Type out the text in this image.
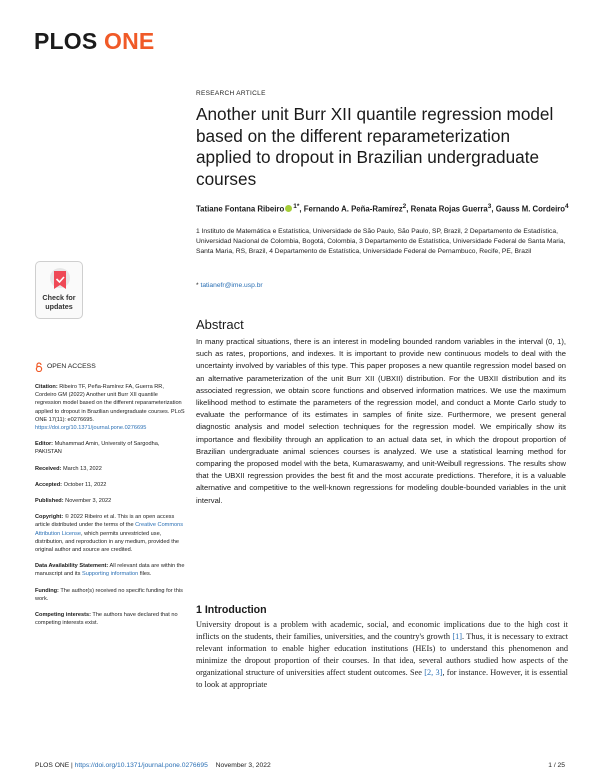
PLOS ONE
RESEARCH ARTICLE
Another unit Burr XII quantile regression model based on the different reparameterization applied to dropout in Brazilian undergraduate courses
Tatiane Fontana Ribeiro $^{1*}$, Fernando A. Peña-Ramírez$^2$, Renata Rojas Guerra$^3$, Gauss M. Cordeiro$^4$
1 Instituto de Matemática e Estatística, Universidade de São Paulo, São Paulo, SP, Brazil, 2 Departamento de Estadística, Universidad Nacional de Colombia, Bogotá, Colombia, 3 Departamento de Estatística, Universidade Federal de Santa Maria, Santa Maria, RS, Brazil, 4 Departamento de Estatística, Universidade Federal de Pernambuco, Recife, PE, Brazil
* tatianefr@ime.usp.br
Check for
updates
Abstract
In many practical situations, there is an interest in modeling bounded random variables in the interval (0, 1), such as rates, proportions, and indexes. It is important to provide new continuous models to deal with the uncertainty involved by variables of this type. This paper proposes a new quantile regression model based on an alternative parameterization of the unit Burr XII (UBXII) distribution. For the UBXII distribution and its associated regression, we obtain score functions and observed information matrices. We use the maximum likelihood method to estimate the parameters of the regression model, and conduct a Monte Carlo study to evaluate the performance of its estimates in samples of finite size. Furthermore, we present general diagnostic analysis and model selection techniques for the regression model. We empirically show its importance and flexibility through an application to an actual data set, in which the dropout proportion of Brazilian undergraduate animal sciences courses is analyzed. We use a statistical learning method for comparing the proposed model with the beta, Kumaraswamy, and unit-Weibull regressions. The results show that the UBXII regression provides the best fit and the most accurate predictions. Therefore, it is a valuable alternative and competitive to the well-known regressions for modeling double-bounded variables in the unit interval.
OPEN ACCESS
Citation: Ribeiro TF, Peña-Ramírez FA, Guerra RR, Cordeiro GM (2022) Another unit Burr XII quantile regression model based on the different reparameterization applied to dropout in Brazilian undergraduate courses. PLoS ONE 17(11): e0276695. https://doi.org/10.1371/journal.pone.0276695
Editor: Muhammad Amin, University of Sargodha, PAKISTAN
Received: March 13, 2022
Accepted: October 11, 2022
Published: November 3, 2022
Copyright: © 2022 Ribeiro et al. This is an open access article distributed under the terms of the Creative Commons Attribution License, which permits unrestricted use, distribution, and reproduction in any medium, provided the original author and source are credited.
Data Availability Statement: All relevant data are within the manuscript and its Supporting information files.
Funding: The author(s) received no specific funding for this work.
Competing interests: The authors have declared that no competing interests exist.
1 Introduction
University dropout is a problem with academic, social, and economic implications due to the high cost it inflicts on the students, their families, universities, and the country's growth [1]. Thus, it is necessary to extract relevant information to enable higher education institutions (HEIs) to understand this phenomenon and minimize the dropout proportion of their courses. In that idea, several authors studied how aspects of the organizational structure of universities affect student outcomes. See [2, 3], for instance. However, it is essential to look at appropriate
PLOS ONE | https://doi.org/10.1371/journal.pone.0276695 November 3, 2022	1 / 25
